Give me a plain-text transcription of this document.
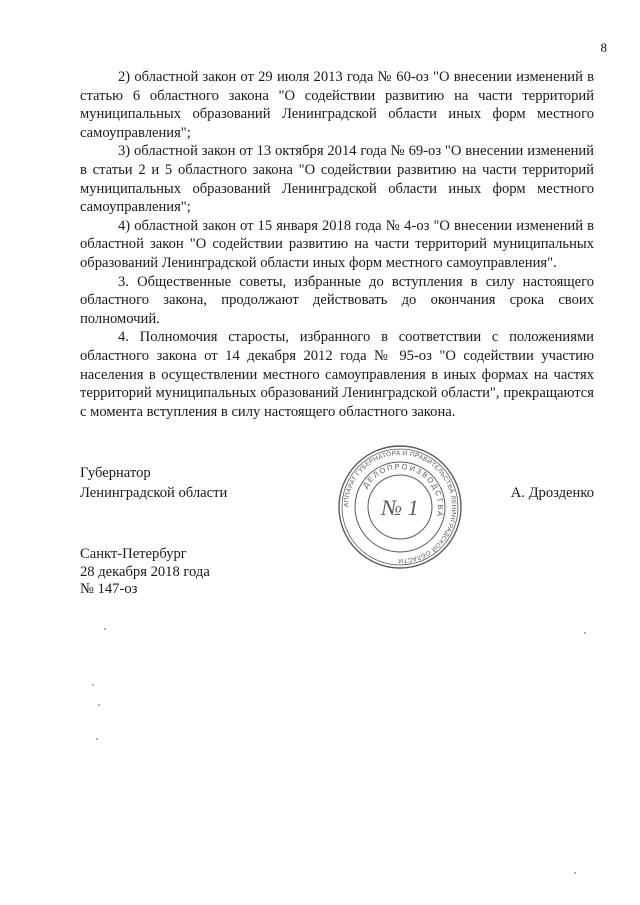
8

2) областной закон от 29 июля 2013 года № 60-оз "О внесении изменений в статью 6 областного закона "О содействии развитию на части территорий муниципальных образований Ленинградской области иных форм местного самоуправления";

3) областной закон от 13 октября 2014 года № 69-оз "О внесении изменений в статьи 2 и 5 областного закона "О содействии развитию на части территорий муниципальных образований Ленинградской области иных форм местного самоуправления";

4) областной закон от 15 января 2018 года № 4-оз "О внесении изменений в областной закон "О содействии развитию на части территорий муниципальных образований Ленинградской области иных форм местного самоуправления".

3. Общественные советы, избранные до вступления в силу настоящего областного закона, продолжают действовать до окончания срока своих полномочий.

4. Полномочия старосты, избранного в соответствии с положениями областного закона от 14 декабря 2012 года № 95-оз "О содействии участию населения в осуществлении местного самоуправления в иных формах на частях территорий муниципальных образований Ленинградской области", прекращаются с момента вступления в силу настоящего областного закона.

Губернатор
Ленинградской области
АППАРАТ ГУБЕРНАТОРА И ПРАВИТЕЛЬСТВА ЛЕНИНГРАДСКОЙ ОБЛАСТИ
ДЕЛОПРОИЗВОДСТВА
№ 1
А. Дрозденко
Санкт-Петербург
28 декабря 2018 года
№ 147-оз
